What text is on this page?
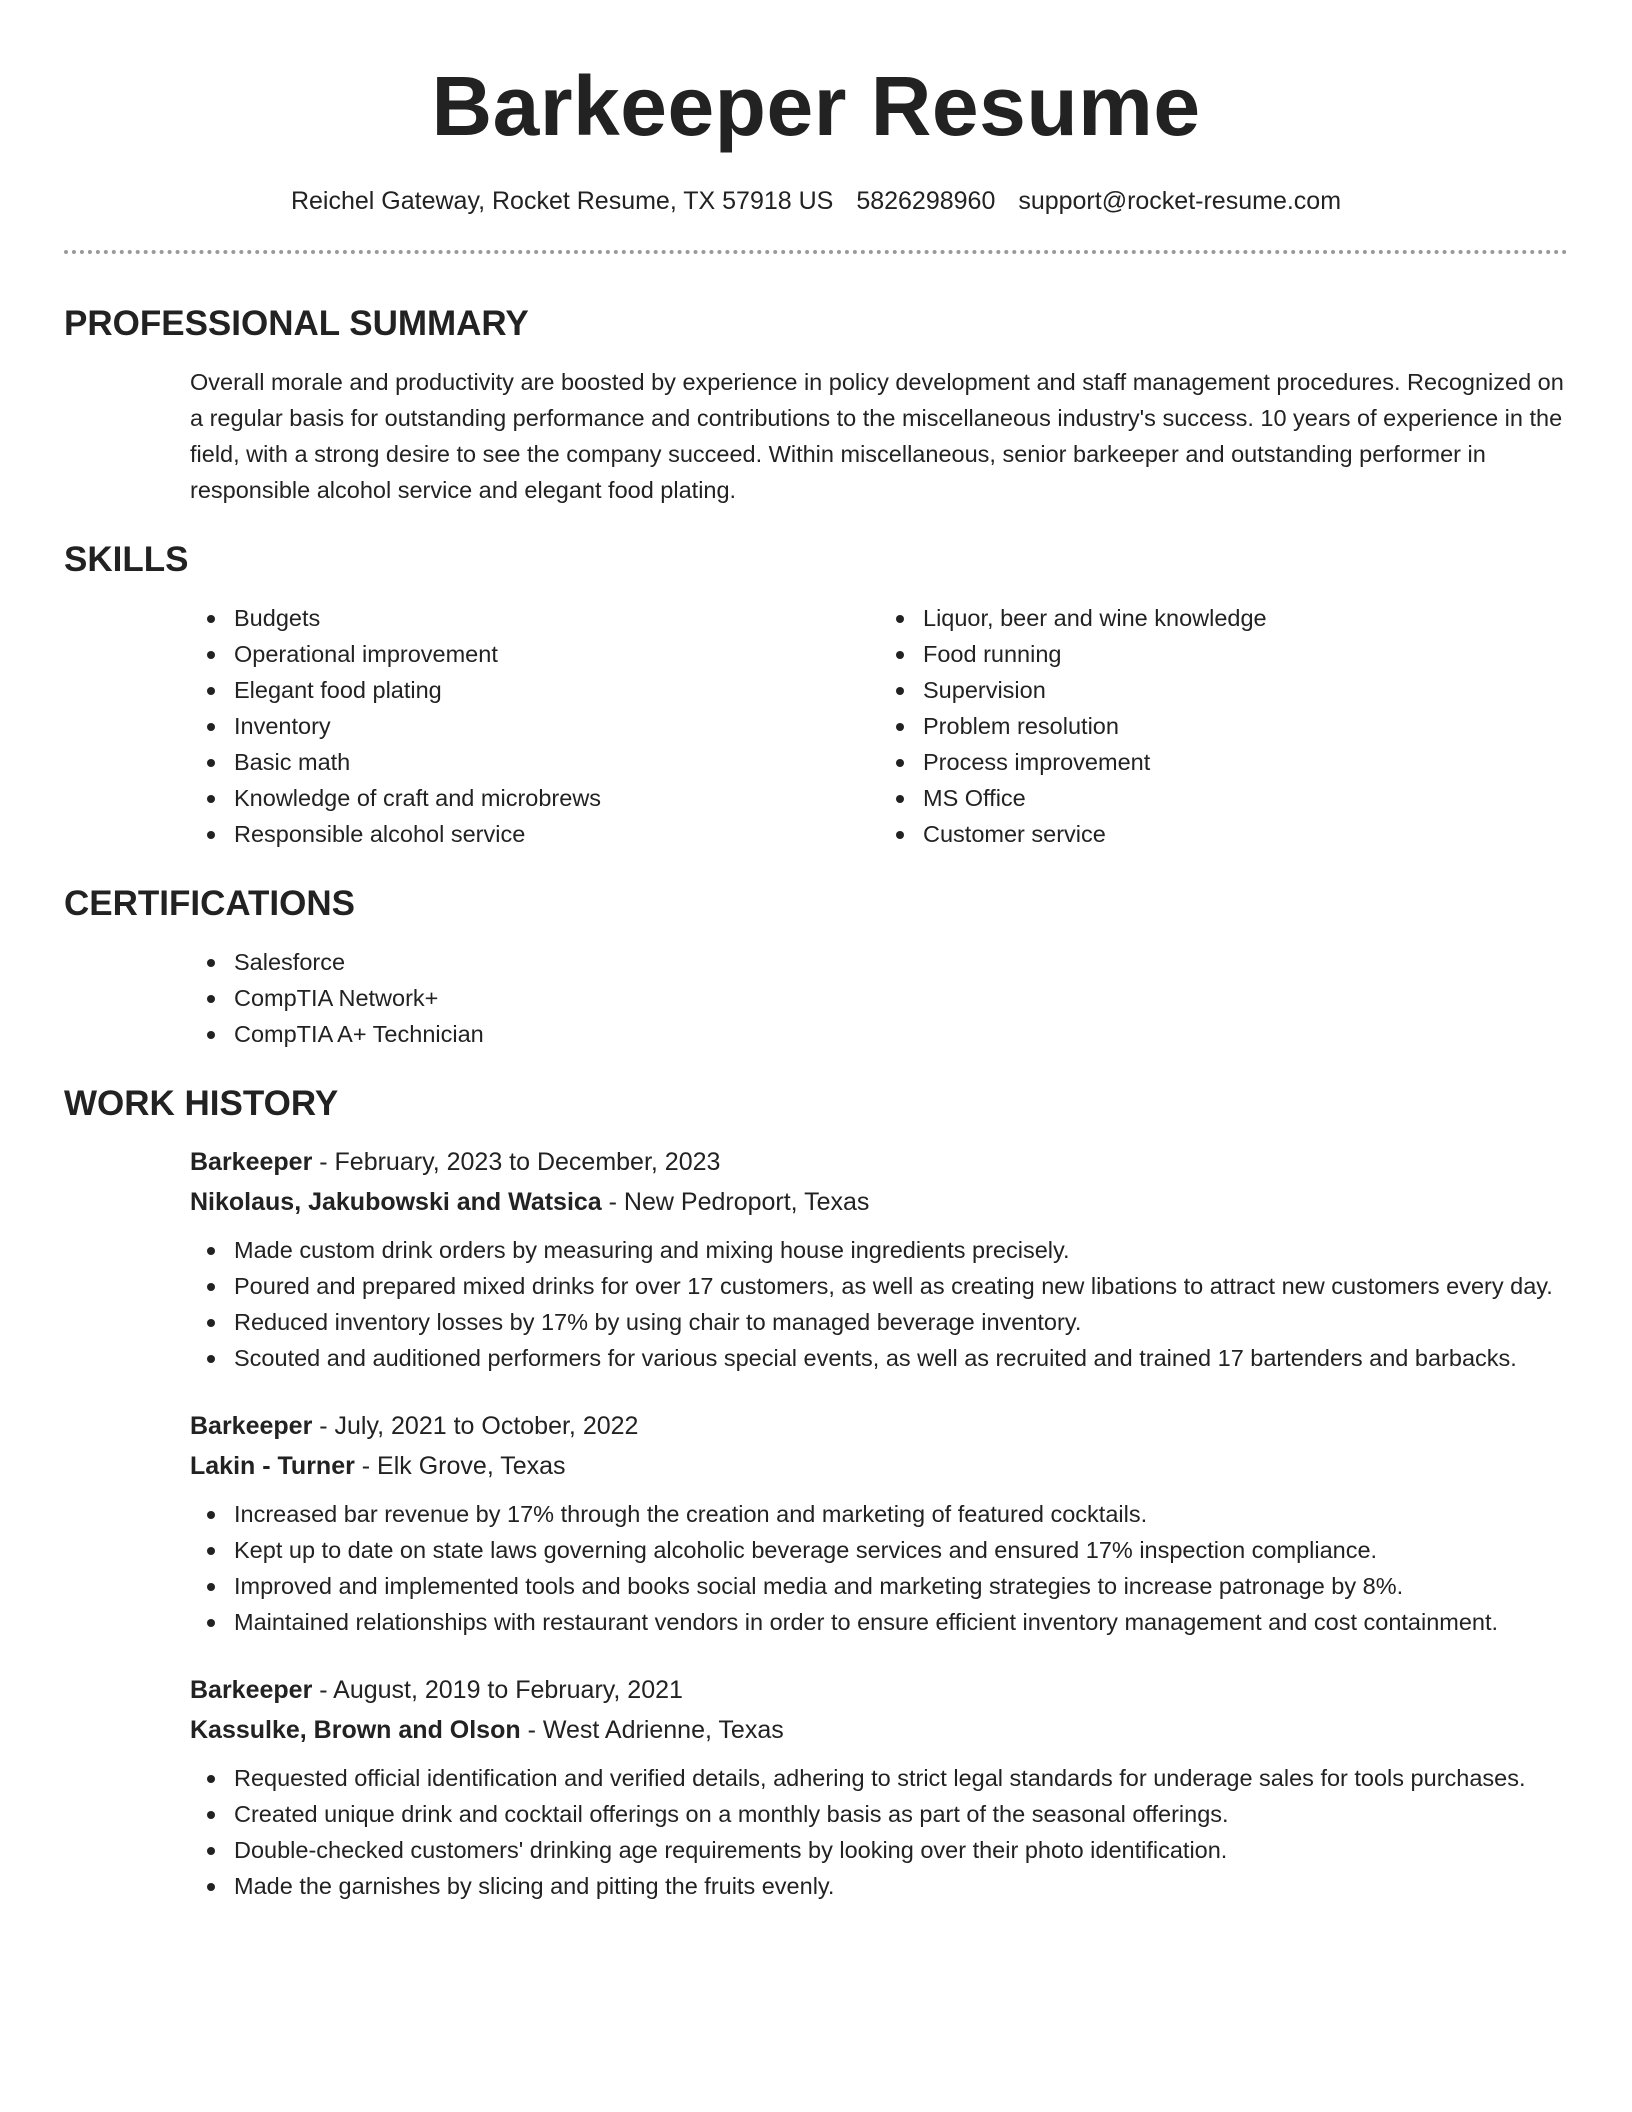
Barkeeper Resume
Reichel Gateway, Rocket Resume, TX 57918 US 5826298960 support@rocket-resume.com
PROFESSIONAL SUMMARY
Overall morale and productivity are boosted by experience in policy development and staff management procedures. Recognized on a regular basis for outstanding performance and contributions to the miscellaneous industry's success. 10 years of experience in the field, with a strong desire to see the company succeed. Within miscellaneous, senior barkeeper and outstanding performer in responsible alcohol service and elegant food plating.
SKILLS
Budgets
Operational improvement
Elegant food plating
Inventory
Basic math
Knowledge of craft and microbrews
Responsible alcohol service
Liquor, beer and wine knowledge
Food running
Supervision
Problem resolution
Process improvement
MS Office
Customer service
CERTIFICATIONS
Salesforce
CompTIA Network+
CompTIA A+ Technician
WORK HISTORY
Barkeeper - February, 2023 to December, 2023
Nikolaus, Jakubowski and Watsica - New Pedroport, Texas
Made custom drink orders by measuring and mixing house ingredients precisely.
Poured and prepared mixed drinks for over 17 customers, as well as creating new libations to attract new customers every day.
Reduced inventory losses by 17% by using chair to managed beverage inventory.
Scouted and auditioned performers for various special events, as well as recruited and trained 17 bartenders and barbacks.
Barkeeper - July, 2021 to October, 2022
Lakin - Turner - Elk Grove, Texas
Increased bar revenue by 17% through the creation and marketing of featured cocktails.
Kept up to date on state laws governing alcoholic beverage services and ensured 17% inspection compliance.
Improved and implemented tools and books social media and marketing strategies to increase patronage by 8%.
Maintained relationships with restaurant vendors in order to ensure efficient inventory management and cost containment.
Barkeeper - August, 2019 to February, 2021
Kassulke, Brown and Olson - West Adrienne, Texas
Requested official identification and verified details, adhering to strict legal standards for underage sales for tools purchases.
Created unique drink and cocktail offerings on a monthly basis as part of the seasonal offerings.
Double-checked customers' drinking age requirements by looking over their photo identification.
Made the garnishes by slicing and pitting the fruits evenly.
